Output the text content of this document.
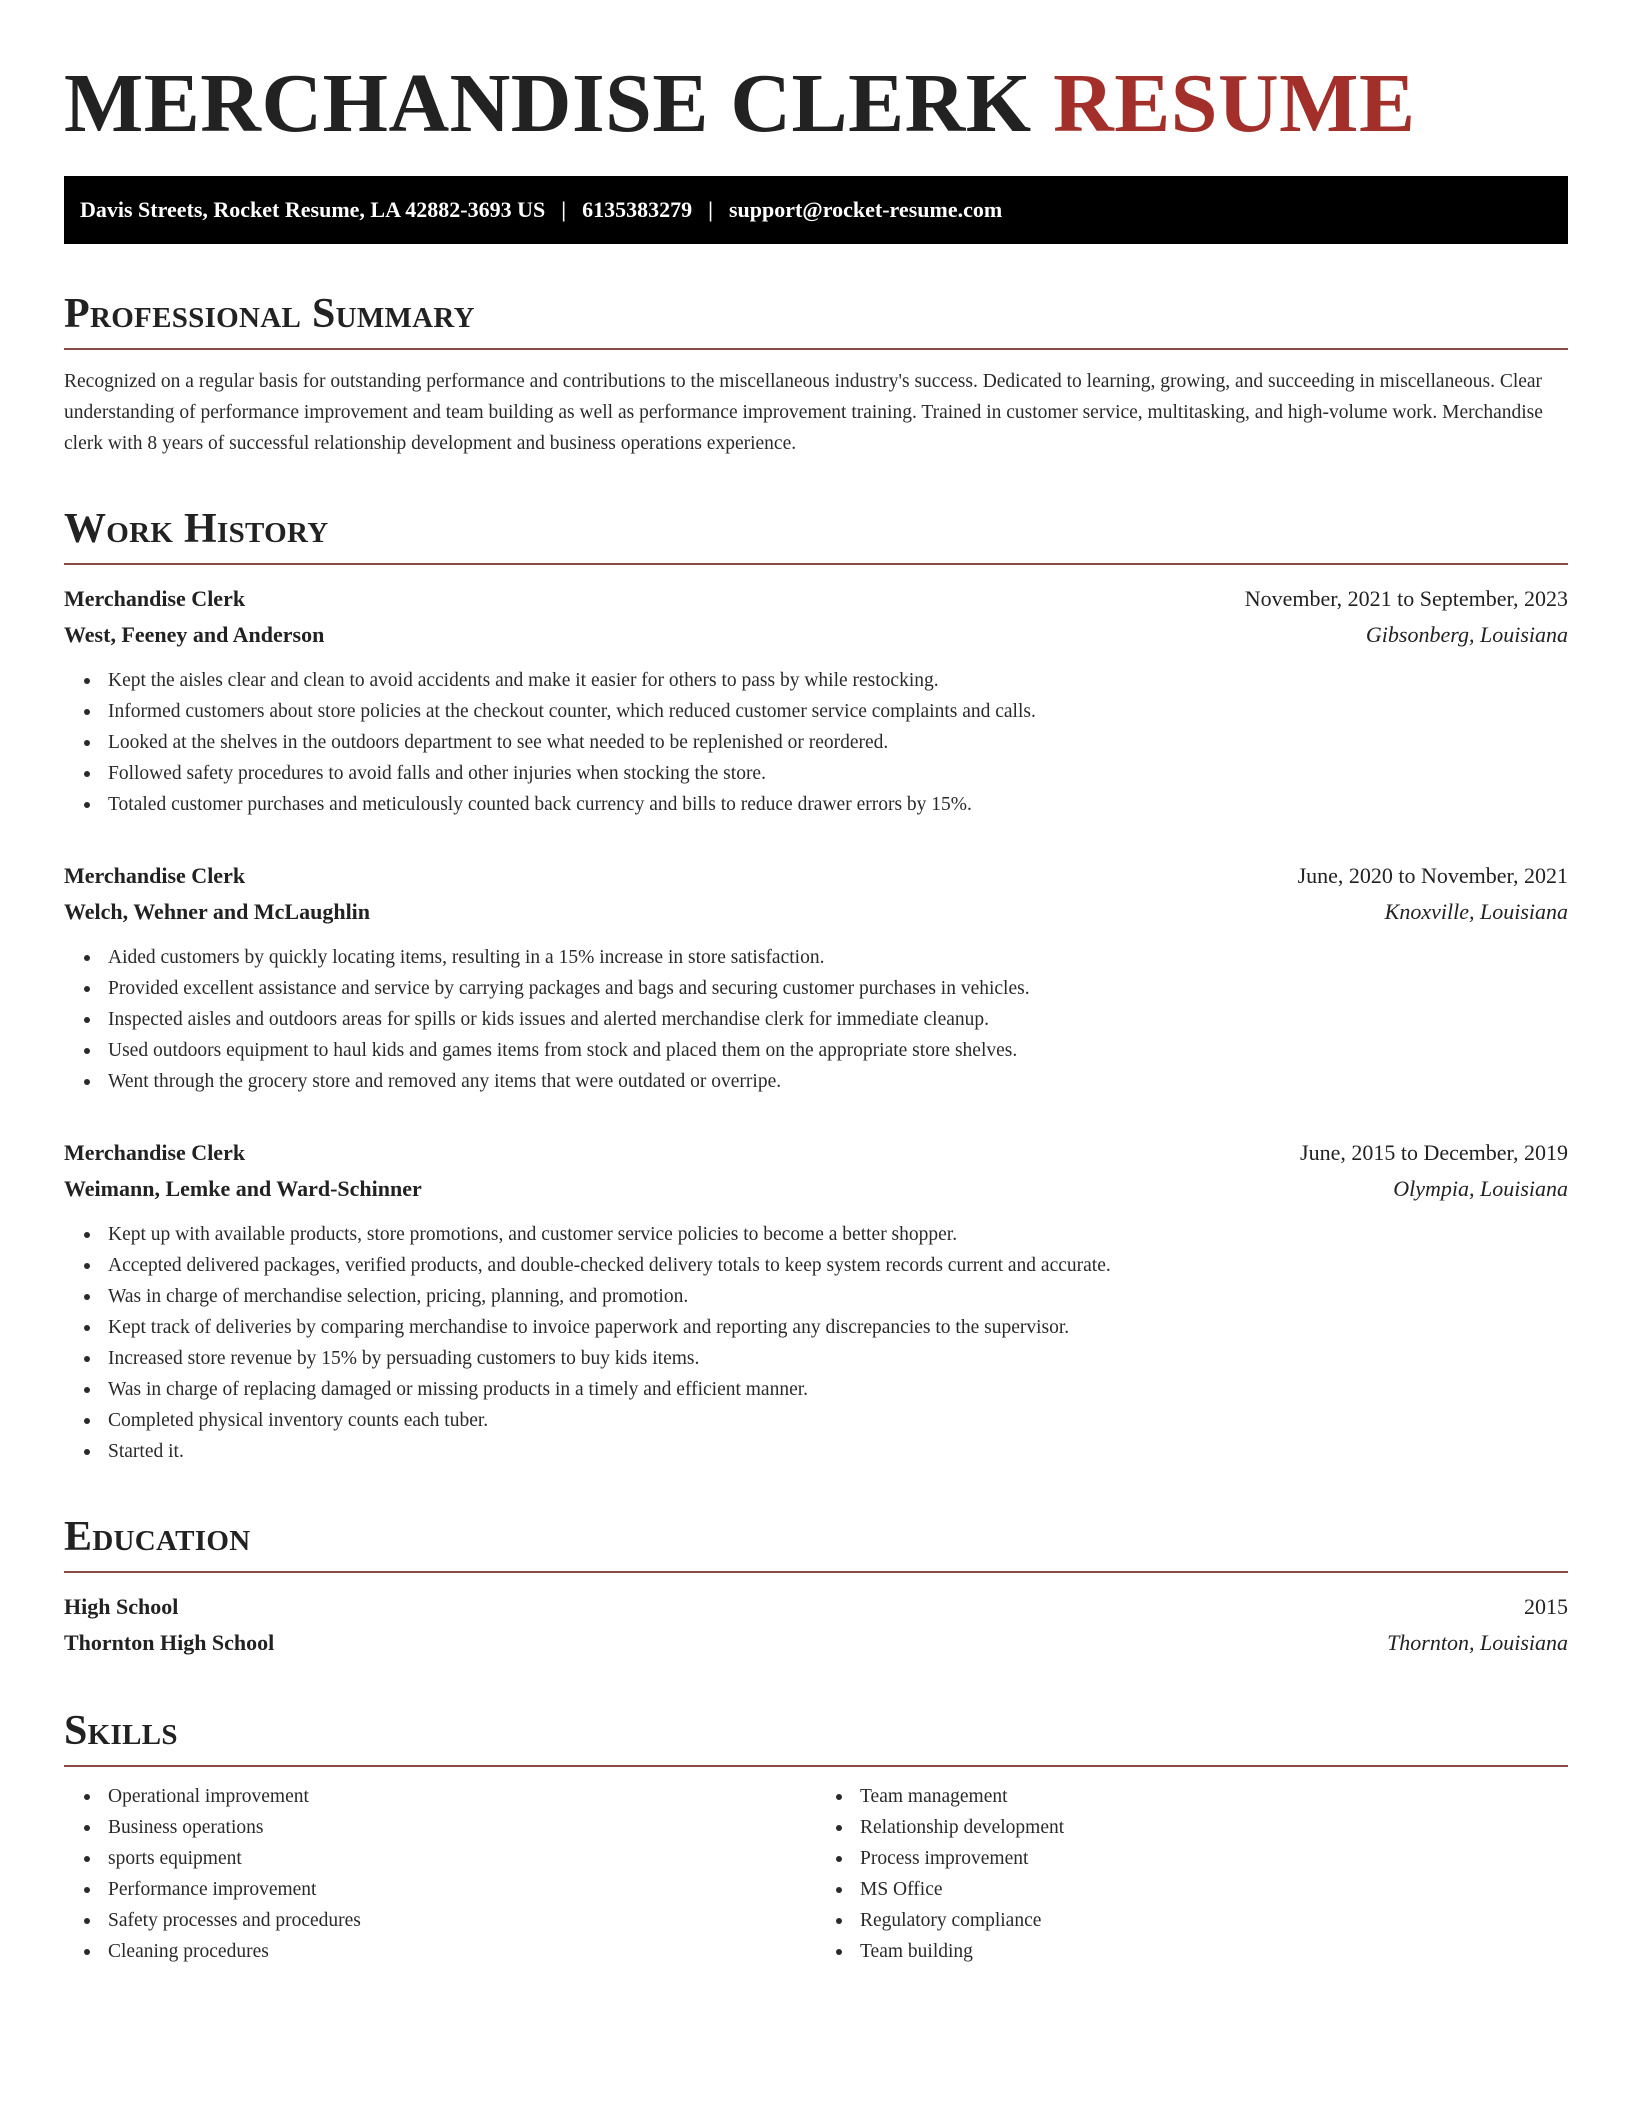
MERCHANDISE CLERK RESUME
Davis Streets, Rocket Resume, LA 42882-3693 US | 6135383279 | support@rocket-resume.com
Professional Summary

Recognized on a regular basis for outstanding performance and contributions to the miscellaneous industry's success. Dedicated to learning, growing, and succeeding in miscellaneous. Clear understanding of performance improvement and team building as well as performance improvement training. Trained in customer service, multitasking, and high-volume work. Merchandise clerk with 8 years of successful relationship development and business operations experience.

Work History
Merchandise Clerk	November, 2021 to September, 2023
West, Feeney and Anderson	Gibsonberg, Louisiana
Kept the aisles clear and clean to avoid accidents and make it easier for others to pass by while restocking.
Informed customers about store policies at the checkout counter, which reduced customer service complaints and calls.
Looked at the shelves in the outdoors department to see what needed to be replenished or reordered.
Followed safety procedures to avoid falls and other injuries when stocking the store.
Totaled customer purchases and meticulously counted back currency and bills to reduce drawer errors by 15%.
Merchandise Clerk	June, 2020 to November, 2021
Welch, Wehner and McLaughlin	Knoxville, Louisiana
Aided customers by quickly locating items, resulting in a 15% increase in store satisfaction.
Provided excellent assistance and service by carrying packages and bags and securing customer purchases in vehicles.
Inspected aisles and outdoors areas for spills or kids issues and alerted merchandise clerk for immediate cleanup.
Used outdoors equipment to haul kids and games items from stock and placed them on the appropriate store shelves.
Went through the grocery store and removed any items that were outdated or overripe.
Merchandise Clerk	June, 2015 to December, 2019
Weimann, Lemke and Ward-Schinner	Olympia, Louisiana
Kept up with available products, store promotions, and customer service policies to become a better shopper.
Accepted delivered packages, verified products, and double-checked delivery totals to keep system records current and accurate.
Was in charge of merchandise selection, pricing, planning, and promotion.
Kept track of deliveries by comparing merchandise to invoice paperwork and reporting any discrepancies to the supervisor.
Increased store revenue by 15% by persuading customers to buy kids items.
Was in charge of replacing damaged or missing products in a timely and efficient manner.
Completed physical inventory counts each tuber.
Started it.
Education
High School	2015
Thornton High School	Thornton, Louisiana
Skills
Operational improvement
Business operations
sports equipment
Performance improvement
Safety processes and procedures
Cleaning procedures
Team management
Relationship development
Process improvement
MS Office
Regulatory compliance
Team building
